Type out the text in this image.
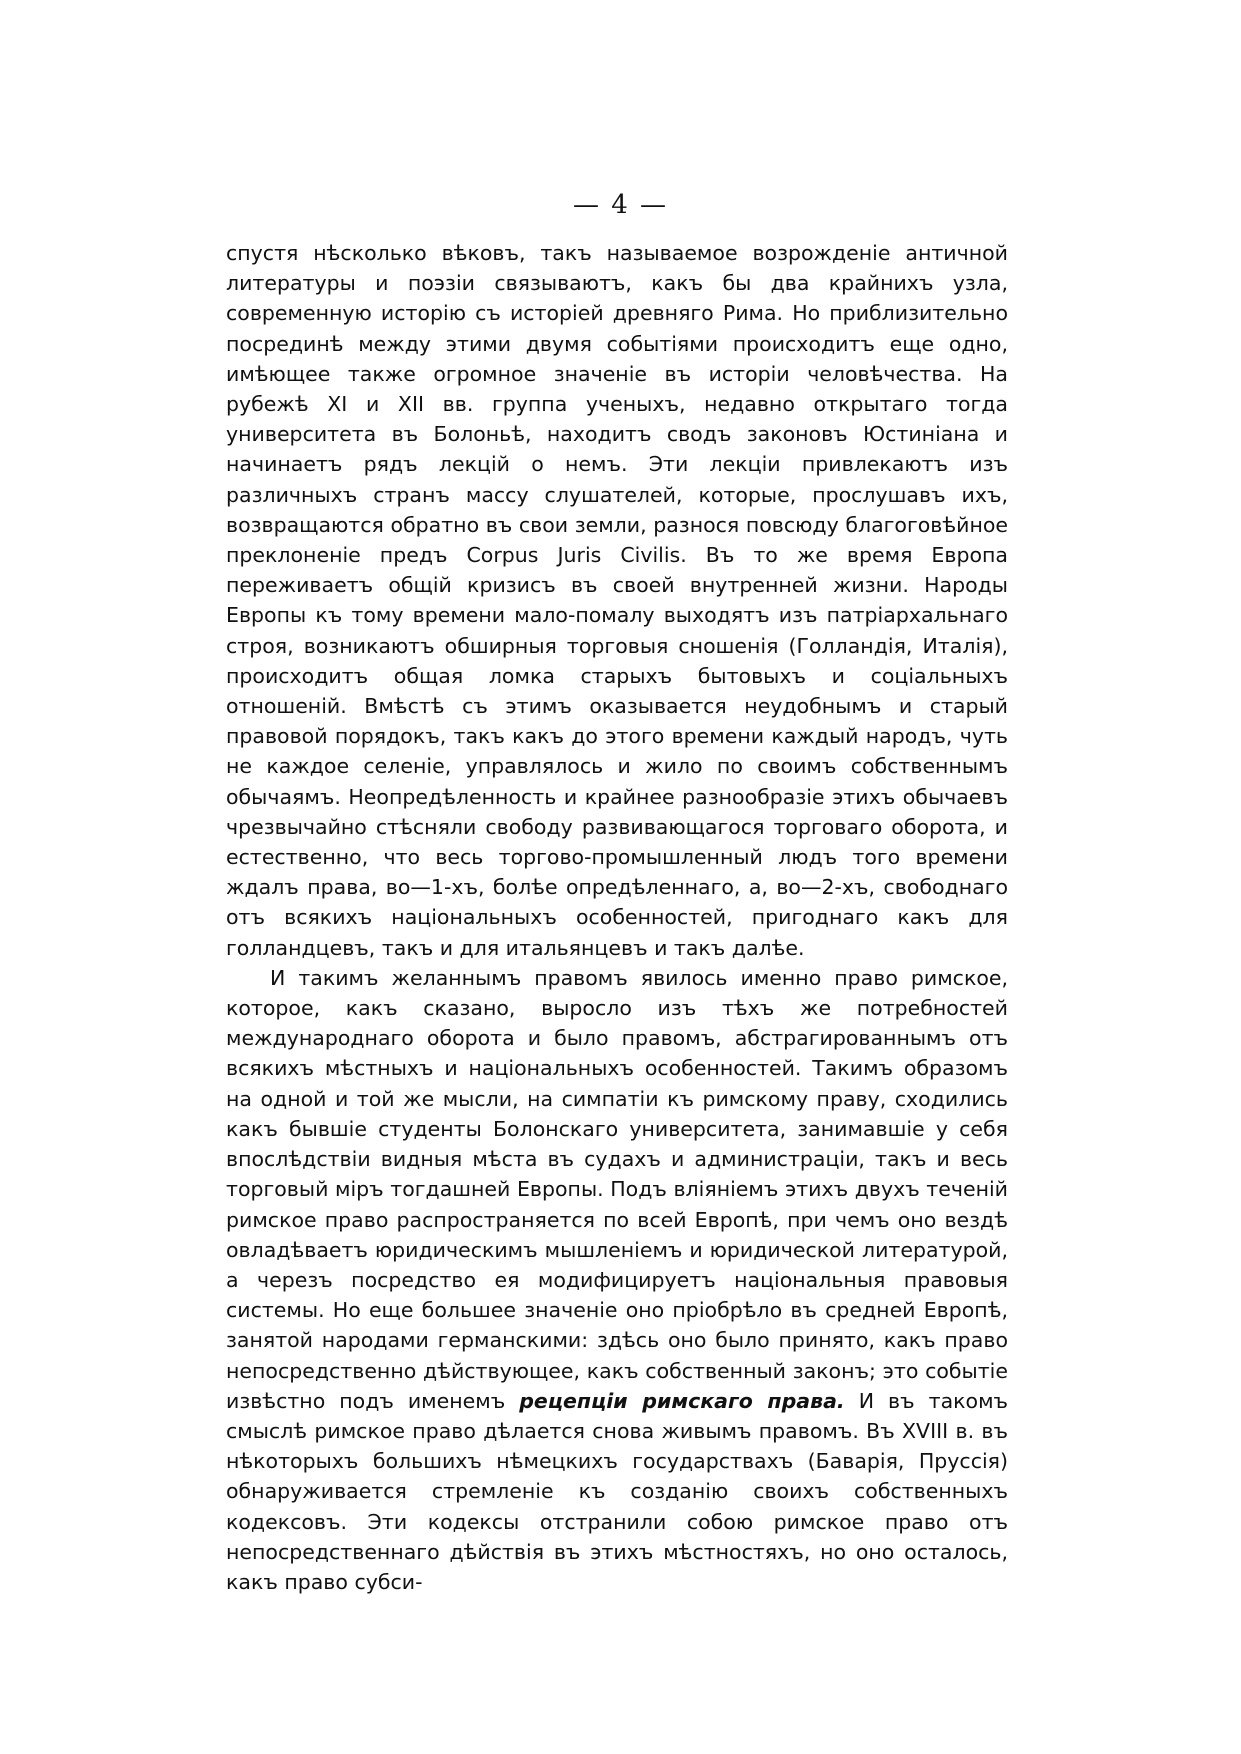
— 4 —

спустя нѣсколько вѣковъ, такъ называемое возрожденіе античной литературы и поэзіи связываютъ, какъ бы два крайнихъ узла, современную исторію съ исторіей древняго Рима. Но приблизительно посрединѣ между этими двумя событіями происходитъ еще одно, имѣющее также огромное значеніе въ исторіи человѣчества. На рубежѣ XI и XII вв. группа ученыхъ, недавно открытаго тогда университета въ Болоньѣ, находитъ сводъ законовъ Юстиніана и начинаетъ рядъ лекцій о немъ. Эти лекціи привлекаютъ изъ различныхъ странъ массу слушателей, которые, прослушавъ ихъ, возвращаются обратно въ свои земли, разнося повсюду благоговѣйное преклоненіе предъ Corpus Juris Civilis. Въ то же время Европа переживаетъ общій кризисъ въ своей внутренней жизни. Народы Европы къ тому времени мало-помалу выходятъ изъ патріархальнаго строя, возникаютъ обширныя торговыя сношенія (Голландія, Италія), происходитъ общая ломка старыхъ бытовыхъ и соціальныхъ отношеній. Вмѣстѣ съ этимъ оказывается неудобнымъ и старый правовой порядокъ, такъ какъ до этого времени каждый народъ, чуть не каждое селеніе, управлялось и жило по своимъ собственнымъ обычаямъ. Неопредѣленность и крайнее разнообразіе этихъ обычаевъ чрезвычайно стѣсняли свободу развивающагося торговаго оборота, и естественно, что весь торгово-промышленный людъ того времени ждалъ права, во—1-хъ, болѣе опредѣленнаго, а, во—2-хъ, свободнаго отъ всякихъ національныхъ особенностей, пригоднаго какъ для голландцевъ, такъ и для итальянцевъ и такъ далѣе.

И такимъ желаннымъ правомъ явилось именно право римское, которое, какъ сказано, выросло изъ тѣхъ же потребностей международнаго оборота и было правомъ, абстрагированнымъ отъ всякихъ мѣстныхъ и національныхъ особенностей. Такимъ образомъ на одной и той же мысли, на симпатіи къ римскому праву, сходились какъ бывшіе студенты Болонскаго университета, занимавшіе у себя впослѣдствіи видныя мѣста въ судахъ и администраціи, такъ и весь торговый міръ тогдашней Европы. Подъ вліяніемъ этихъ двухъ теченій римское право распространяется по всей Европѣ, при чемъ оно вездѣ овладѣваетъ юридическимъ мышленіемъ и юридической литературой, а черезъ посредство ея модифицируетъ національныя правовыя системы. Но еще большее значеніе оно пріобрѣло въ средней Европѣ, занятой народами германскими: здѣсь оно было принято, какъ право непосредственно дѣйствующее, какъ собственный законъ; это событіе извѣстно подъ именемъ рецепціи римскаго права. И въ такомъ смыслѣ римское право дѣлается снова живымъ правомъ. Въ XVIII в. въ нѣкоторыхъ большихъ нѣмецкихъ государствахъ (Баварія, Пруссія) обнаруживается стремленіе къ созданію своихъ собственныхъ кодексовъ. Эти кодексы отстранили собою римское право отъ непосредственнаго дѣйствія въ этихъ мѣстностяхъ, но оно осталось, какъ право субси-
